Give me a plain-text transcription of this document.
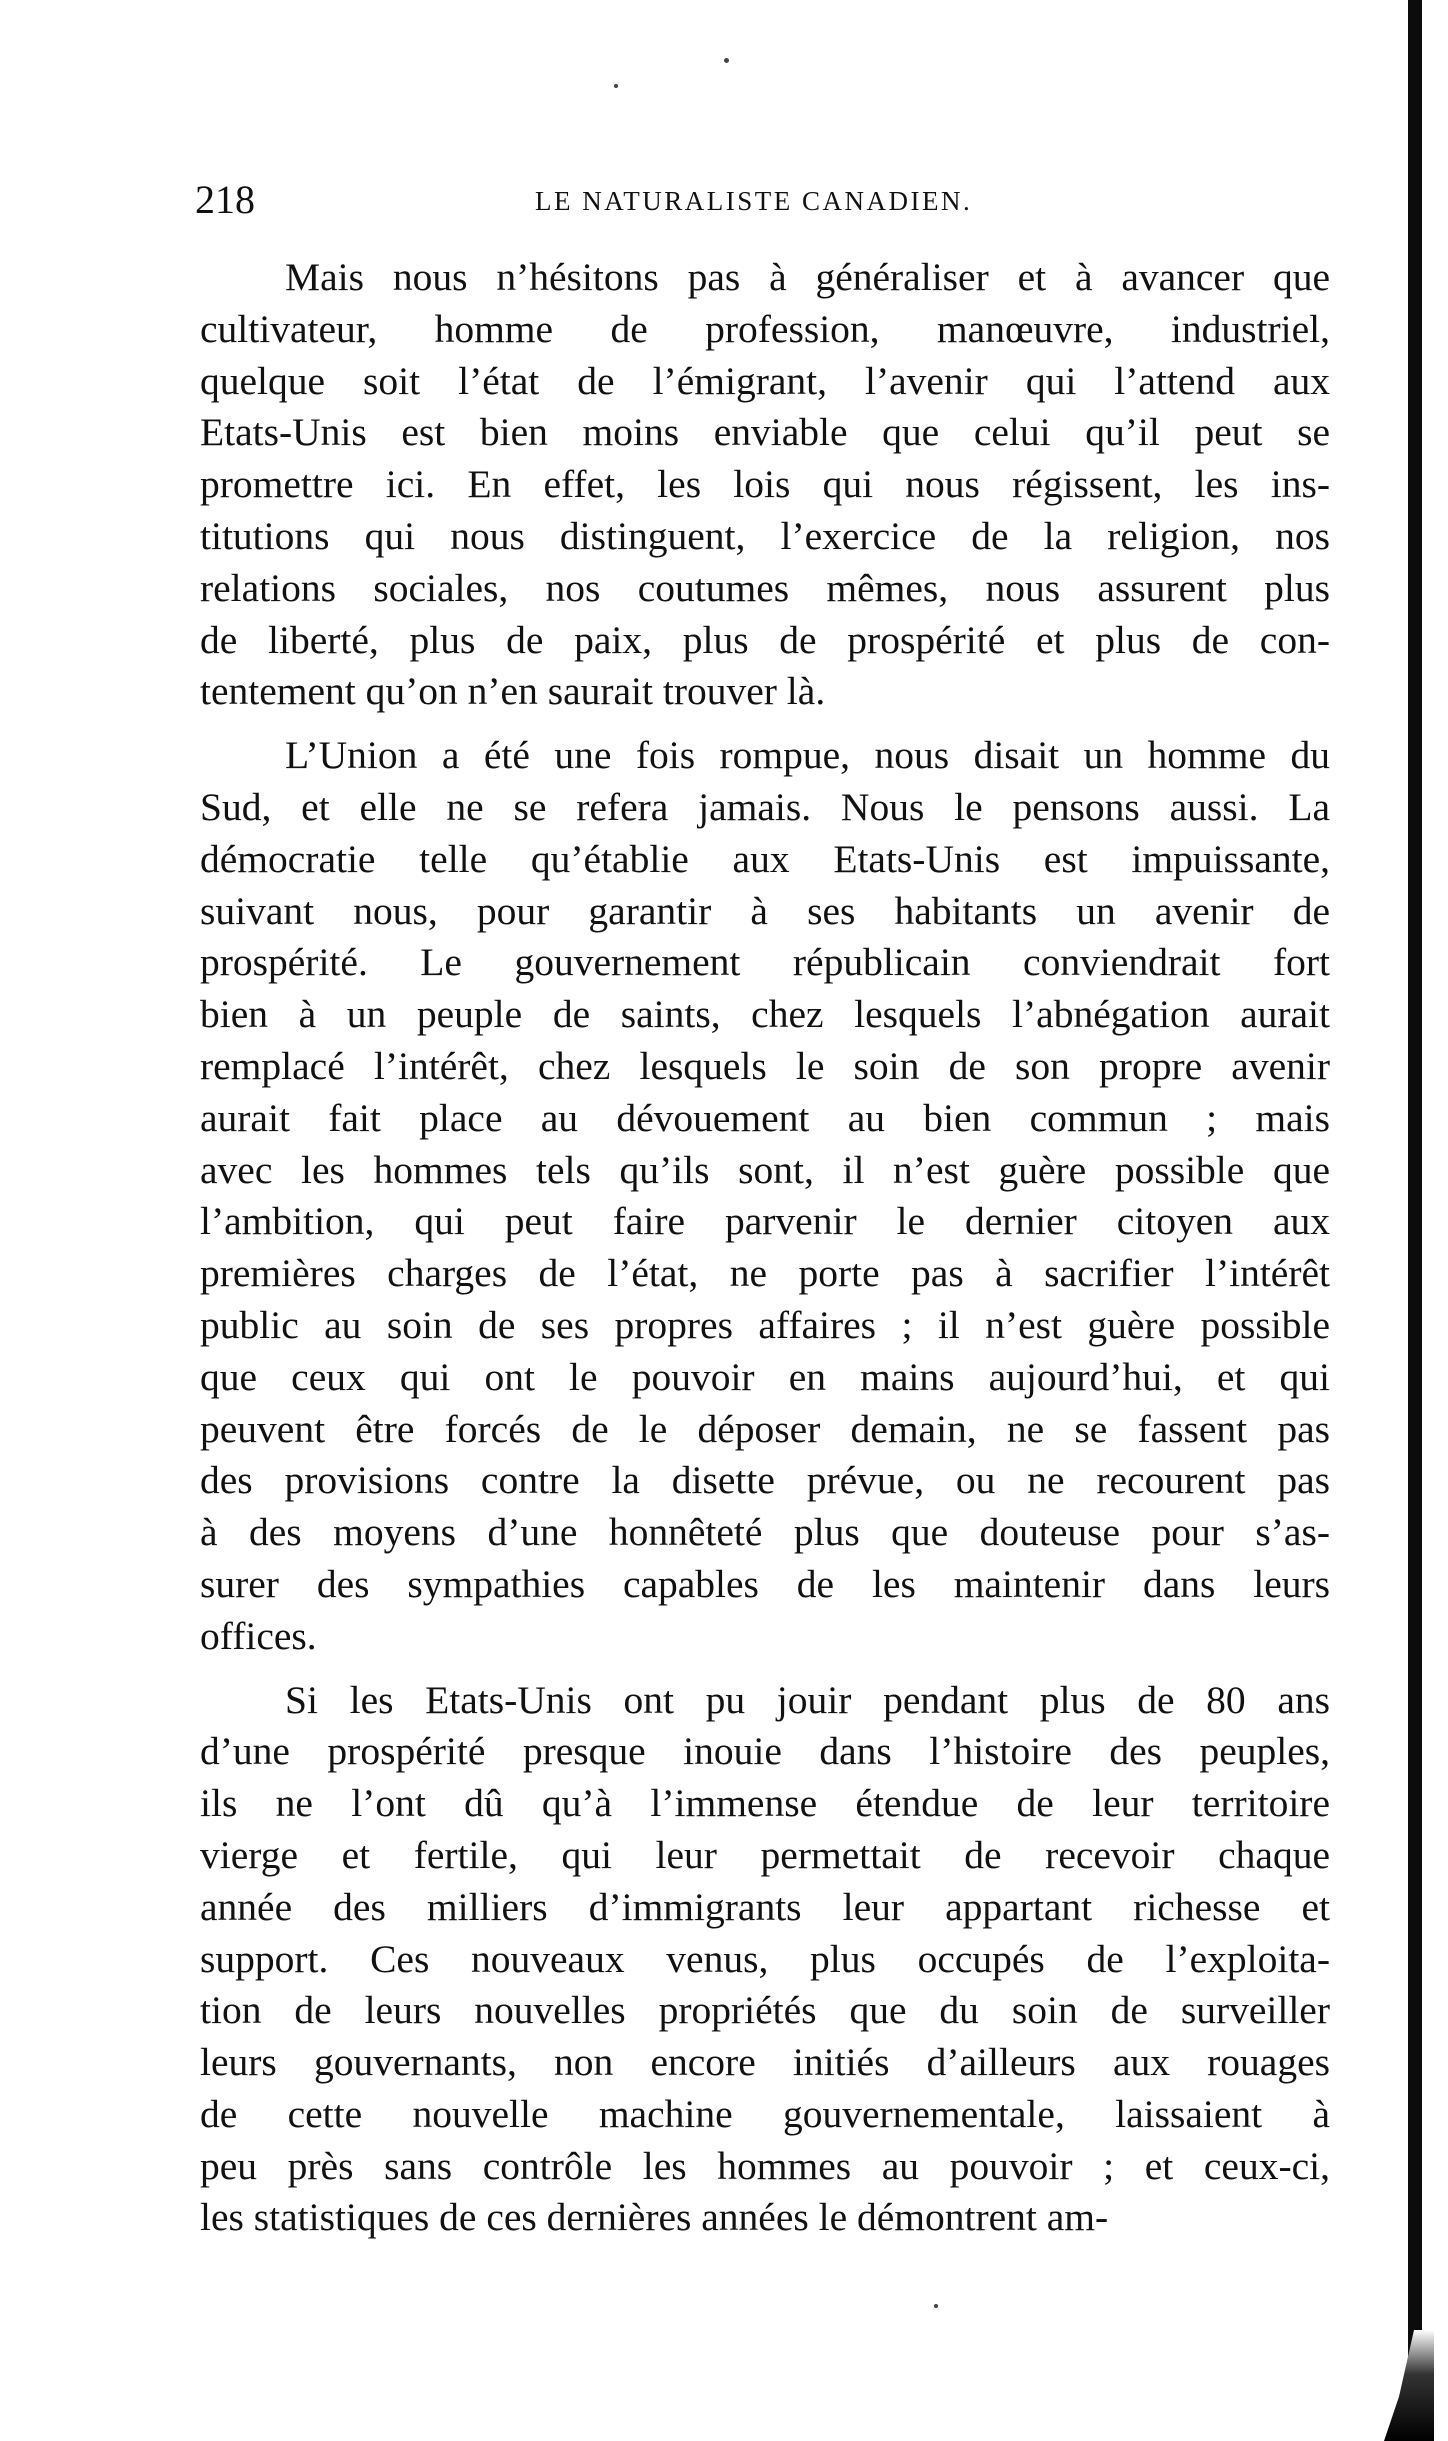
218	LE NATURALISTE CANADIEN.

Mais nous n’hésitons pas à généraliser et à avancer que
cultivateur, homme de profession, manœuvre, industriel,
quelque soit l’état de l’émigrant, l’avenir qui l’attend aux
Etats-Unis est bien moins enviable que celui qu’il peut se
promettre ici. En effet, les lois qui nous régissent, les ins-
titutions qui nous distinguent, l’exercice de la religion, nos
relations sociales, nos coutumes mêmes, nous assurent plus
de liberté, plus de paix, plus de prospérité et plus de con-
tentement qu’on n’en saurait trouver là.

L’Union a été une fois rompue, nous disait un homme du
Sud, et elle ne se refera jamais. Nous le pensons aussi. La
démocratie telle qu’établie aux Etats-Unis est impuissante,
suivant nous, pour garantir à ses habitants un avenir de
prospérité. Le gouvernement républicain conviendrait fort
bien à un peuple de saints, chez lesquels l’abnégation aurait
remplacé l’intérêt, chez lesquels le soin de son propre avenir
aurait fait place au dévouement au bien commun ; mais
avec les hommes tels qu’ils sont, il n’est guère possible que
l’ambition, qui peut faire parvenir le dernier citoyen aux
premières charges de l’état, ne porte pas à sacrifier l’intérêt
public au soin de ses propres affaires ; il n’est guère possible
que ceux qui ont le pouvoir en mains aujourd’hui, et qui
peuvent être forcés de le déposer demain, ne se fassent pas
des provisions contre la disette prévue, ou ne recourent pas
à des moyens d’une honnêteté plus que douteuse pour s’as-
surer des sympathies capables de les maintenir dans leurs
offices.

Si les Etats-Unis ont pu jouir pendant plus de 80 ans
d’une prospérité presque inouie dans l’histoire des peuples,
ils ne l’ont dû qu’à l’immense étendue de leur territoire
vierge et fertile, qui leur permettait de recevoir chaque
année des milliers d’immigrants leur appartant richesse et
support. Ces nouveaux venus, plus occupés de l’exploita-
tion de leurs nouvelles propriétés que du soin de surveiller
leurs gouvernants, non encore initiés d’ailleurs aux rouages
de cette nouvelle machine gouvernementale, laissaient à
peu près sans contrôle les hommes au pouvoir ; et ceux-ci,
les statistiques de ces dernières années le démontrent am-
